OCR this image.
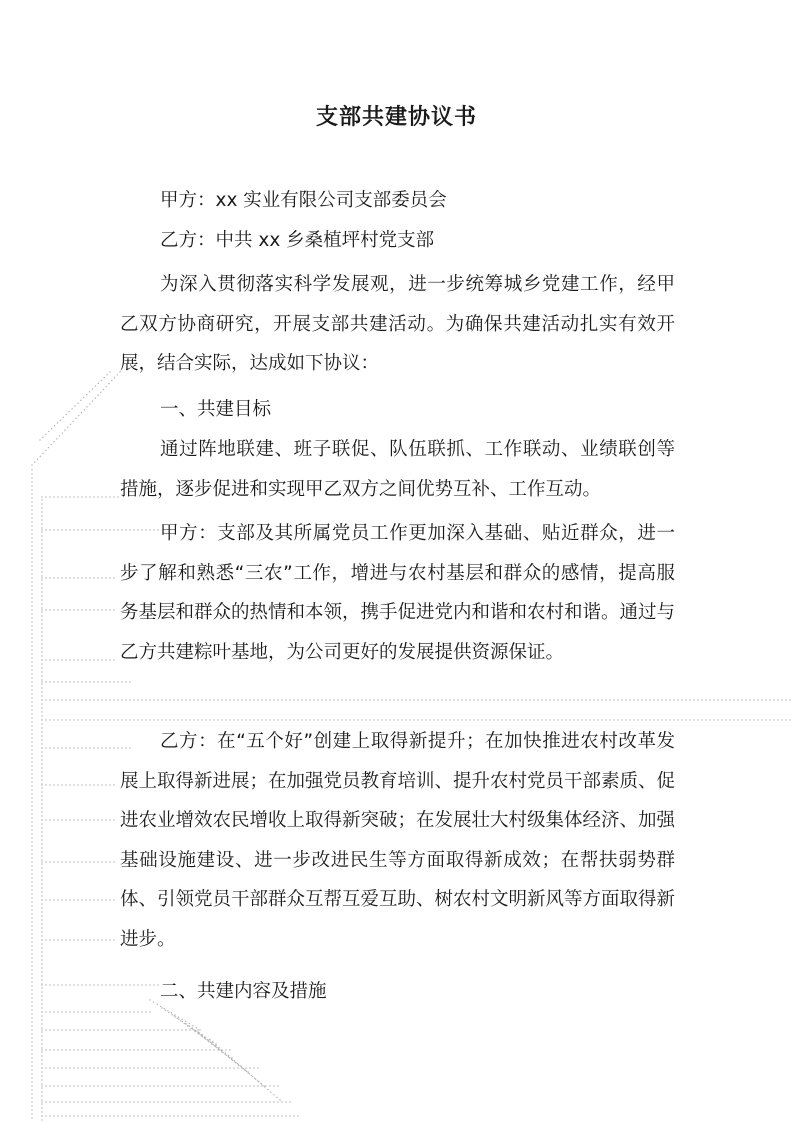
支部共建协议书

甲方：xx 实业有限公司支部委员会

乙方：中共 xx 乡桑植坪村党支部

为深入贯彻落实科学发展观，进一步统筹城乡党建工作，经甲乙双方协商研究，开展支部共建活动。为确保共建活动扎实有效开展，结合实际，达成如下协议：

一、共建目标

通过阵地联建、班子联促、队伍联抓、工作联动、业绩联创等措施，逐步促进和实现甲乙双方之间优势互补、工作互动。

甲方：支部及其所属党员工作更加深入基础、贴近群众，进一步了解和熟悉“三农”工作，增进与农村基层和群众的感情，提高服务基层和群众的热情和本领，携手促进党内和谐和农村和谐。通过与乙方共建粽叶基地，为公司更好的发展提供资源保证。

乙方：在“五个好”创建上取得新提升；在加快推进农村改革发展上取得新进展；在加强党员教育培训、提升农村党员干部素质、促进农业增效农民增收上取得新突破；在发展壮大村级集体经济、加强基础设施建设、进一步改进民生等方面取得新成效；在帮扶弱势群体、引领党员干部群众互帮互爱互助、树农村文明新风等方面取得新进步。

二、共建内容及措施
